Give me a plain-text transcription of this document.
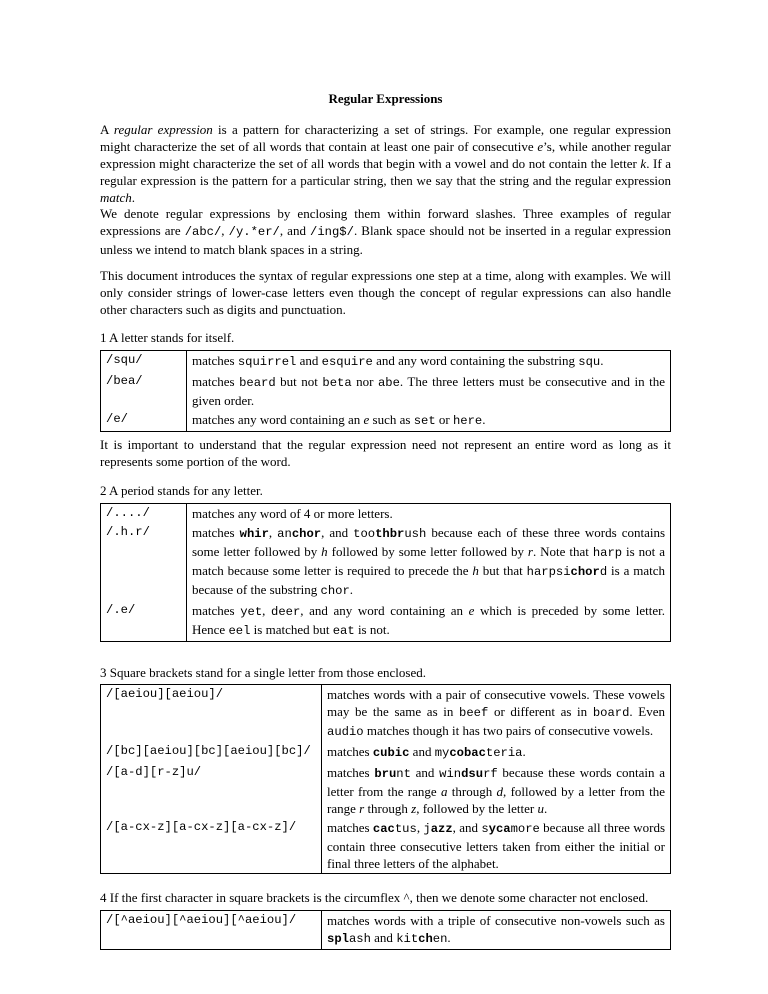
Regular Expressions

A regular expression is a pattern for characterizing a set of strings. For example, one regular expression might characterize the set of all words that contain at least one pair of consecutive e’s, while another regular expression might characterize the set of all words that begin with a vowel and do not contain the letter k. If a regular expression is the pattern for a particular string, then we say that the string and the regular expression match.

We denote regular expressions by enclosing them within forward slashes. Three examples of regular expressions are /abc/, /y.*er/, and /ing$/. Blank space should not be inserted in a regular expression unless we intend to match blank spaces in a string.

This document introduces the syntax of regular expressions one step at a time, along with examples. We will only consider strings of lower-case letters even though the concept of regular expressions can also handle other characters such as digits and punctuation.

1 A letter stands for itself.
/squ/	matches squirrel and esquire and any word containing the substring squ.
/bea/	matches beard but not beta nor abe. The three letters must be consecutive and in the given order.
/e/	matches any word containing an e such as set or here.

It is important to understand that the regular expression need not represent an entire word as long as it represents some portion of the word.

2 A period stands for any letter.
/..../	matches any word of 4 or more letters.
/.h.r/	matches whir, anchor, and toothbrush because each of these three words contains some letter followed by h followed by some letter followed by r. Note that harp is not a match because some letter is required to precede the h but that harpsichord is a match because of the substring chor.
/.e/	matches yet, deer, and any word containing an e which is preceded by some letter. Hence eel is matched but eat is not.
3 Square brackets stand for a single letter from those enclosed.
/[aeiou][aeiou]/	matches words with a pair of consecutive vowels. These vowels may be the same as in beef or different as in board. Even audio matches though it has two pairs of consecutive vowels.
/[bc][aeiou][bc][aeiou][bc]/	matches cubic and mycobacteria.
/[a-d][r-z]u/	matches brunt and windsurf because these words contain a letter from the range a through d, followed by a letter from the range r through z, followed by the letter u.
/[a-cx-z][a-cx-z][a-cx-z]/	matches cactus, jazz, and sycamore because all three words contain three consecutive letters taken from either the initial or final three letters of the alphabet.
4 If the first character in square brackets is the circumflex ^, then we denote some character not enclosed.
/[^aeiou][^aeiou][^aeiou]/	matches words with a triple of consecutive non-vowels such as splash and kitchen.
